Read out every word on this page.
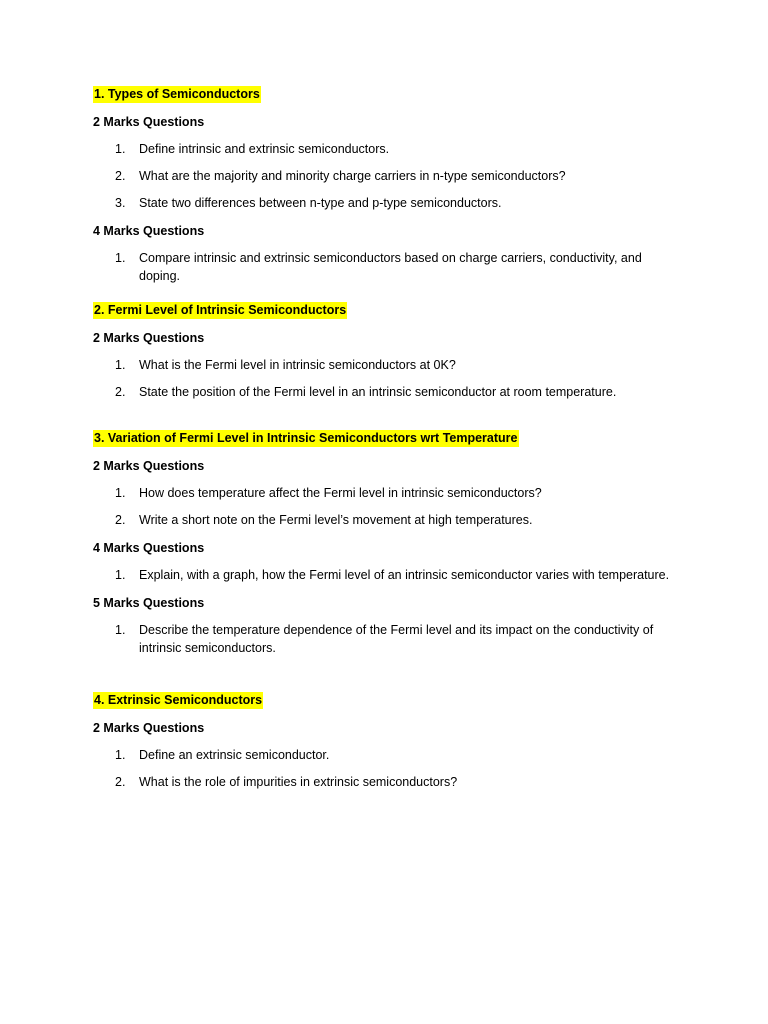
1. Types of Semiconductors
2 Marks Questions
1. Define intrinsic and extrinsic semiconductors.
2. What are the majority and minority charge carriers in n-type semiconductors?
3. State two differences between n-type and p-type semiconductors.
4 Marks Questions
1. Compare intrinsic and extrinsic semiconductors based on charge carriers, conductivity, and doping.
2. Fermi Level of Intrinsic Semiconductors
2 Marks Questions
1. What is the Fermi level in intrinsic semiconductors at 0K?
2. State the position of the Fermi level in an intrinsic semiconductor at room temperature.
3. Variation of Fermi Level in Intrinsic Semiconductors wrt Temperature
2 Marks Questions
1. How does temperature affect the Fermi level in intrinsic semiconductors?
2. Write a short note on the Fermi level’s movement at high temperatures.
4 Marks Questions
1. Explain, with a graph, how the Fermi level of an intrinsic semiconductor varies with temperature.
5 Marks Questions
1. Describe the temperature dependence of the Fermi level and its impact on the conductivity of intrinsic semiconductors.
4. Extrinsic Semiconductors
2 Marks Questions
1. Define an extrinsic semiconductor.
2. What is the role of impurities in extrinsic semiconductors?
